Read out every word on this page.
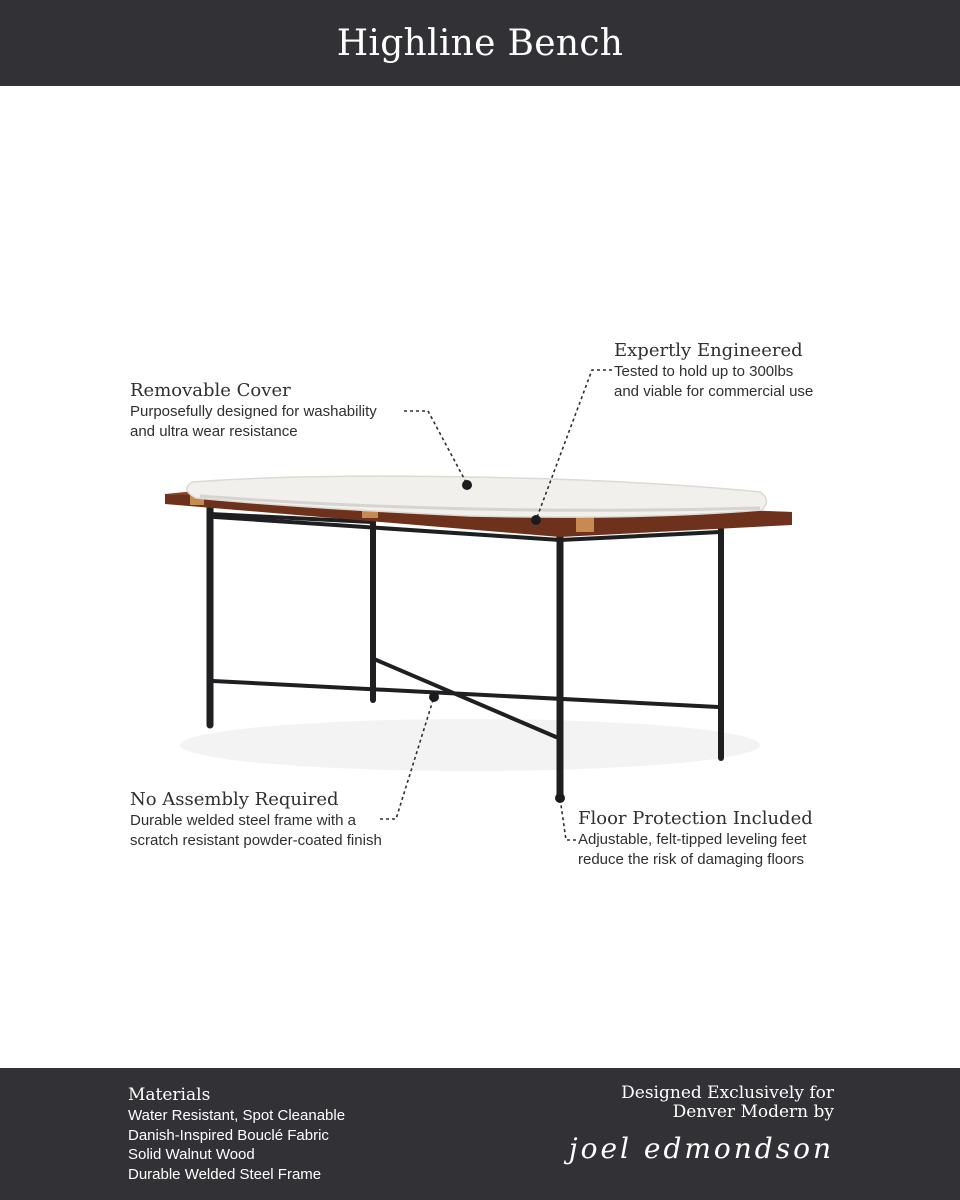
Highline Bench
Removable Cover
Purposefully designed for washability
and ultra wear resistance
Expertly Engineered
Tested to hold up to 300lbs
and viable for commercial use
No Assembly Required
Durable welded steel frame with a
scratch resistant powder-coated finish
Floor Protection Included
Adjustable, felt-tipped leveling feet
reduce the risk of damaging floors
Materials
Water Resistant, Spot Cleanable
Danish-Inspired Bouclé Fabric
Solid Walnut Wood
Durable Welded Steel Frame
Designed Exclusively for
Denver Modern by
joel edmondson
